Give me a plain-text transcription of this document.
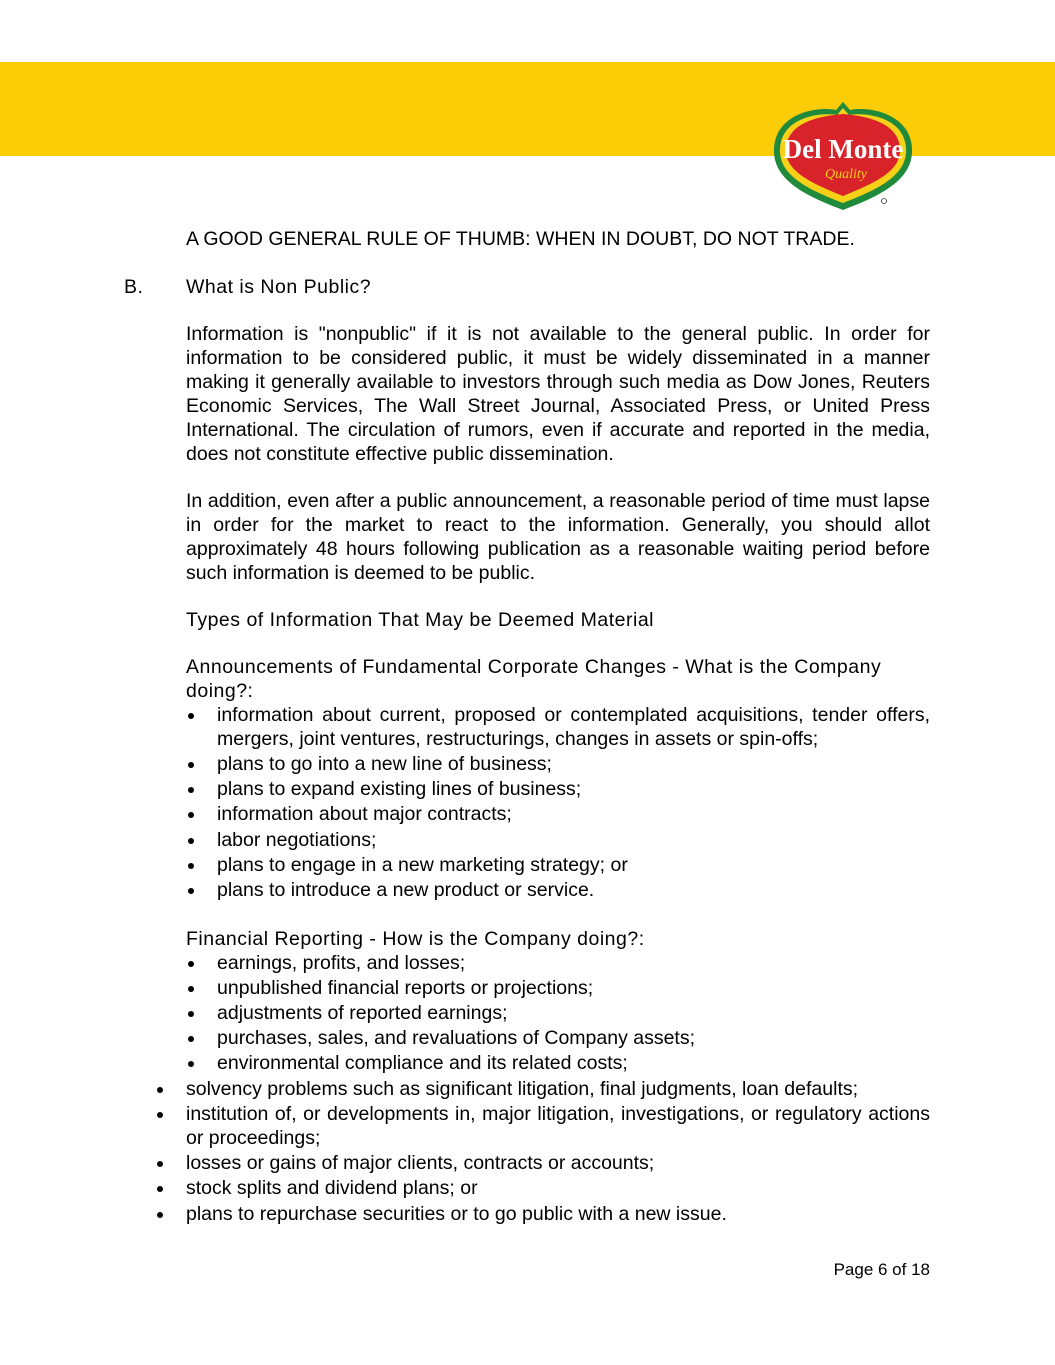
Del Monte
Quality
A GOOD GENERAL RULE OF THUMB: WHEN IN DOUBT, DO NOT TRADE.
B. What is Non Public?
Information is "nonpublic" if it is not available to the general public. In order for information to be considered public, it must be widely disseminated in a manner making it generally available to investors through such media as Dow Jones, Reuters Economic Services, The Wall Street Journal, Associated Press, or United Press International. The circulation of rumors, even if accurate and reported in the media, does not constitute effective public dissemination.
In addition, even after a public announcement, a reasonable period of time must lapse in order for the market to react to the information. Generally, you should allot approximately 48 hours following publication as a reasonable waiting period before such information is deemed to be public.
Types of Information That May be Deemed Material
Announcements of Fundamental Corporate Changes - What is the Company doing?:
information about current, proposed or contemplated acquisitions, tender offers, mergers, joint ventures, restructurings, changes in assets or spin-offs;
plans to go into a new line of business;
plans to expand existing lines of business;
information about major contracts;
labor negotiations;
plans to engage in a new marketing strategy; or
plans to introduce a new product or service.
Financial Reporting - How is the Company doing?:
earnings, profits, and losses;
unpublished financial reports or projections;
adjustments of reported earnings;
purchases, sales, and revaluations of Company assets;
environmental compliance and its related costs;
solvency problems such as significant litigation, final judgments, loan defaults;
institution of, or developments in, major litigation, investigations, or regulatory actions or proceedings;
losses or gains of major clients, contracts or accounts;
stock splits and dividend plans; or
plans to repurchase securities or to go public with a new issue.
Page 6 of 18
